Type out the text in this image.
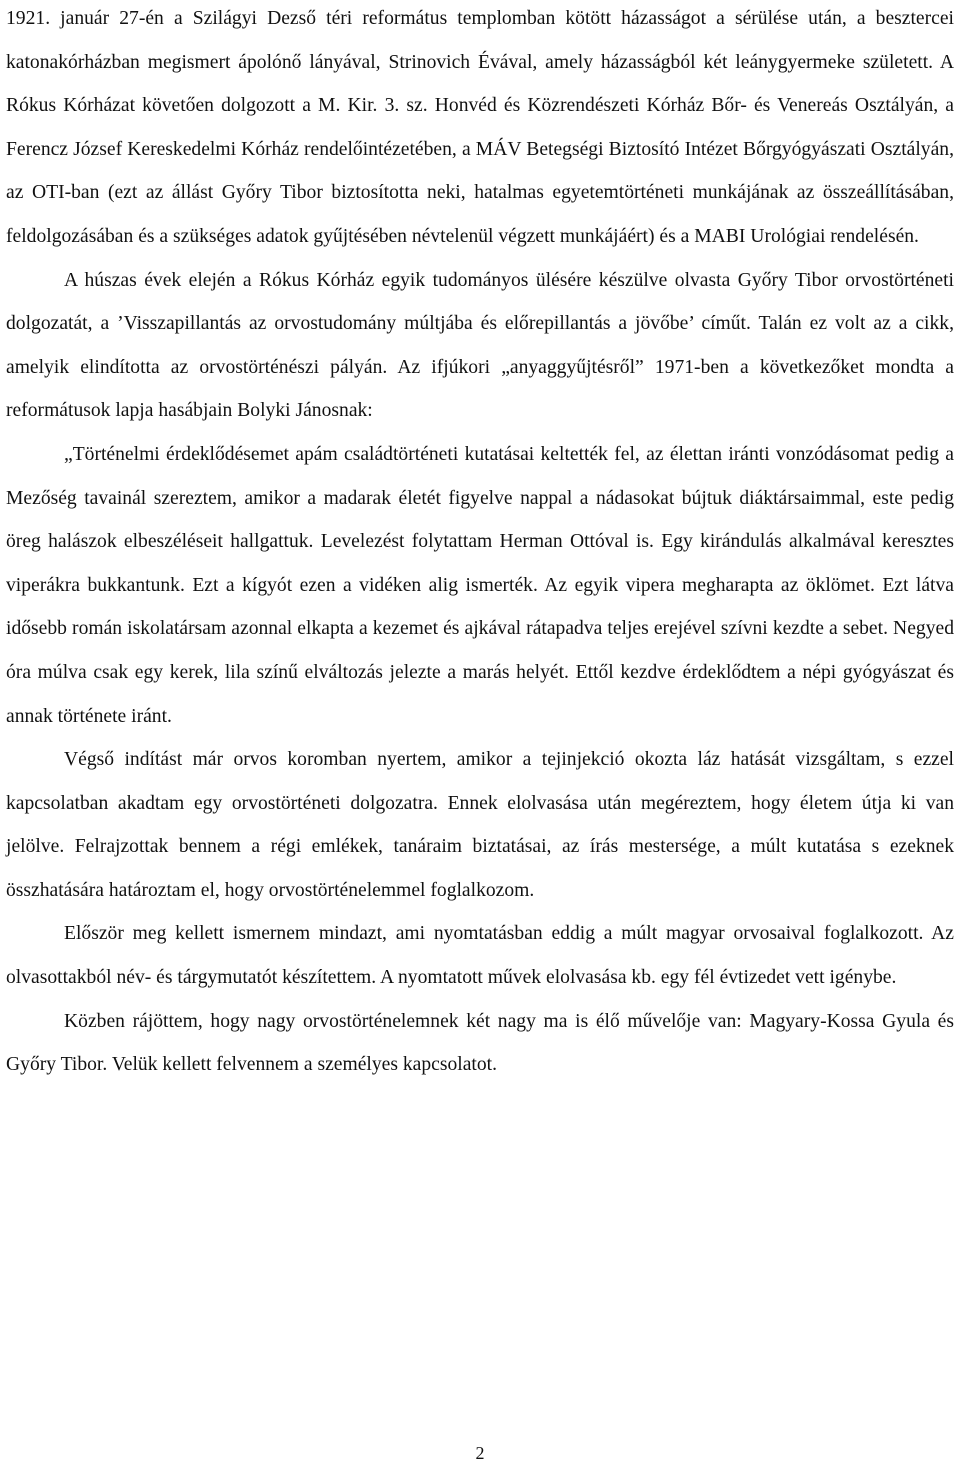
1921. január 27-én a Szilágyi Dezső téri református templomban kötött házasságot a sérülése után, a besztercei katonakórházban megismert ápolónő lányával, Strinovich Évával, amely házasságból két leánygyermeke született. A Rókus Kórházat követően dolgozott a M. Kir. 3. sz. Honvéd és Közrendészeti Kórház Bőr- és Venereás Osztályán, a Ferencz József Kereskedelmi Kórház rendelőintézetében, a MÁV Betegségi Biztosító Intézet Bőrgyógyászati Osztályán, az OTI-ban (ezt az állást Győry Tibor biztosította neki, hatalmas egyetemtörténeti munkájának az összeállításában, feldolgozásában és a szükséges adatok gyűjtésében névtelenül végzett munkájáért) és a MABI Urológiai rendelésén.

A húszas évek elején a Rókus Kórház egyik tudományos ülésére készülve olvasta Győry Tibor orvostörténeti dolgozatát, a ’Visszapillantás az orvostudomány múltjába és előrepillantás a jövőbe’ címűt. Talán ez volt az a cikk, amelyik elindította az orvostörténészi pályán. Az ifjúkori „anyaggyűjtésről” 1971-ben a következőket mondta a reformátusok lapja hasábjain Bolyki Jánosnak:

„Történelmi érdeklődésemet apám családtörténeti kutatásai keltették fel, az élettan iránti vonzódásomat pedig a Mezőség tavainál szereztem, amikor a madarak életét figyelve nappal a nádasokat bújtuk diáktársaimmal, este pedig öreg halászok elbeszéléseit hallgattuk. Levelezést folytattam Herman Ottóval is. Egy kirándulás alkalmával keresztes viperákra bukkantunk. Ezt a kígyót ezen a vidéken alig ismerték. Az egyik vipera megharapta az öklömet. Ezt látva idősebb román iskolatársam azonnal elkapta a kezemet és ajkával rátapadva teljes erejével szívni kezdte a sebet. Negyed óra múlva csak egy kerek, lila színű elváltozás jelezte a marás helyét. Ettől kezdve érdeklődtem a népi gyógyászat és annak története iránt.

Végső indítást már orvos koromban nyertem, amikor a tejinjekció okozta láz hatását vizsgáltam, s ezzel kapcsolatban akadtam egy orvostörténeti dolgozatra. Ennek elolvasása után megéreztem, hogy életem útja ki van jelölve. Felrajzottak bennem a régi emlékek, tanáraim biztatásai, az írás mestersége, a múlt kutatása s ezeknek összhatására határoztam el, hogy orvostörténelemmel foglalkozom.

Először meg kellett ismernem mindazt, ami nyomtatásban eddig a múlt magyar orvosaival foglalkozott. Az olvasottakból név- és tárgymutatót készítettem. A nyomtatott művek elolvasása kb. egy fél évtizedet vett igénybe.

Közben rájöttem, hogy nagy orvostörténelemnek két nagy ma is élő művelője van: Magyary-Kossa Gyula és Győry Tibor. Velük kellett felvennem a személyes kapcsolatot.

2
